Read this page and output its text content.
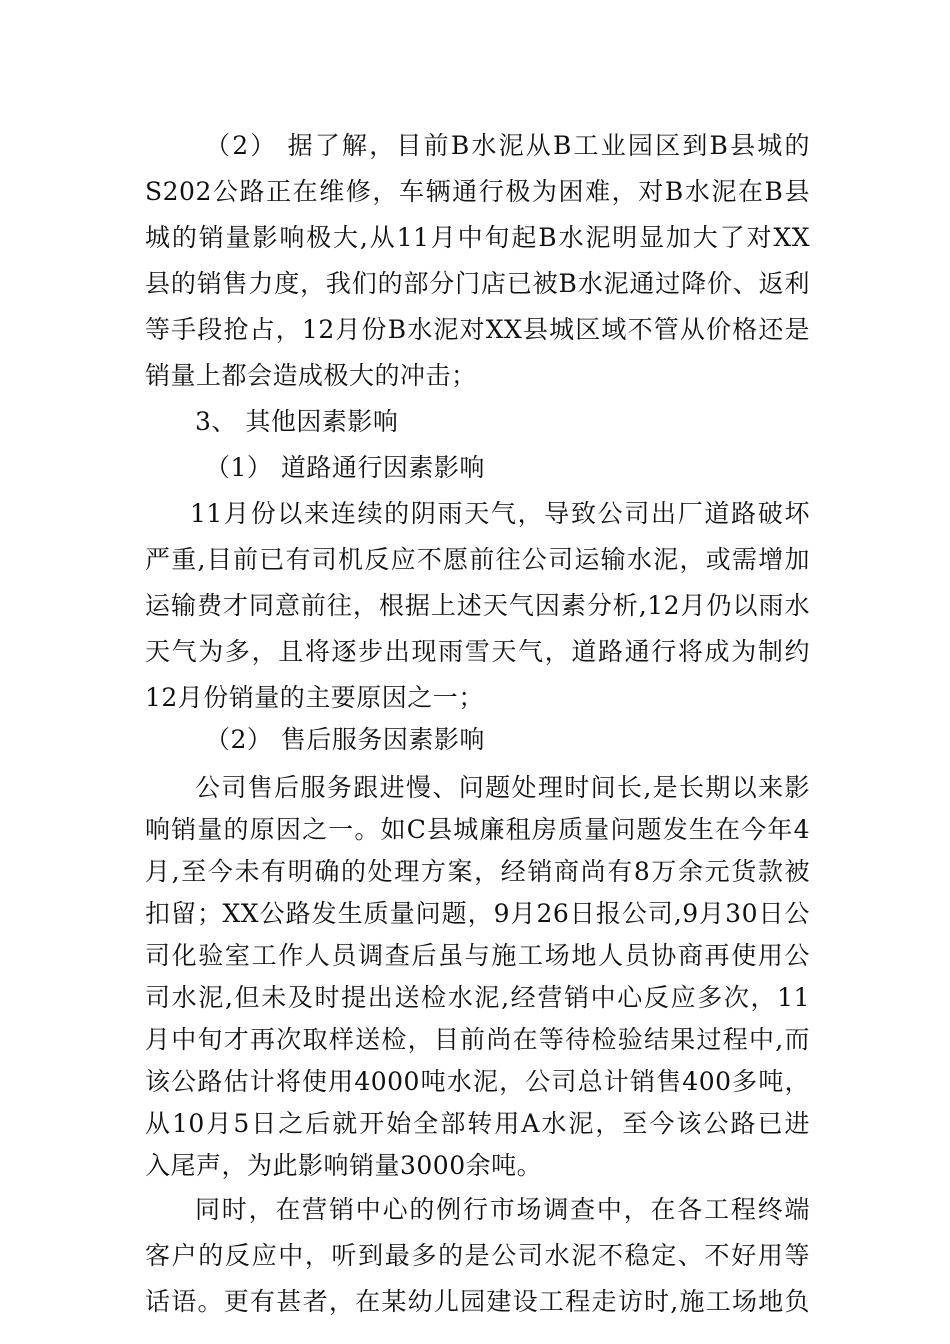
（2） 据了解，目前B水泥从B工业园区到B县城的
S202公路正在维修，车辆通行极为困难，对B水泥在B县
城的销量影响极大,从11月中旬起B水泥明显加大了对XX
县的销售力度，我们的部分门店已被B水泥通过降价、返利
等手段抢占，12月份B水泥对XX县城区域不管从价格还是
销量上都会造成极大的冲击；
3、 其他因素影响
（1） 道路通行因素影响
11月份以来连续的阴雨天气，导致公司出厂道路破坏
严重,目前已有司机反应不愿前往公司运输水泥，或需增加
运输费才同意前往，根据上述天气因素分析,12月仍以雨水
天气为多，且将逐步出现雨雪天气，道路通行将成为制约
12月份销量的主要原因之一；
（2） 售后服务因素影响
公司售后服务跟进慢、问题处理时间长,是长期以来影
响销量的原因之一。如C县城廉租房质量问题发生在今年4
月,至今未有明确的处理方案，经销商尚有8万余元货款被
扣留；XX公路发生质量问题，9月26日报公司,9月30日公
司化验室工作人员调查后虽与施工场地人员协商再使用公
司水泥,但未及时提出送检水泥,经营销中心反应多次，11
月中旬才再次取样送检，目前尚在等待检验结果过程中,而
该公路估计将使用4000吨水泥，公司总计销售400多吨，
从10月5日之后就开始全部转用A水泥，至今该公路已进
入尾声，为此影响销量3000余吨。
同时，在营销中心的例行市场调查中，在各工程终端
客户的反应中，听到最多的是公司水泥不稳定、不好用等
话语。更有甚者，在某幼儿园建设工程走访时,施工场地负
